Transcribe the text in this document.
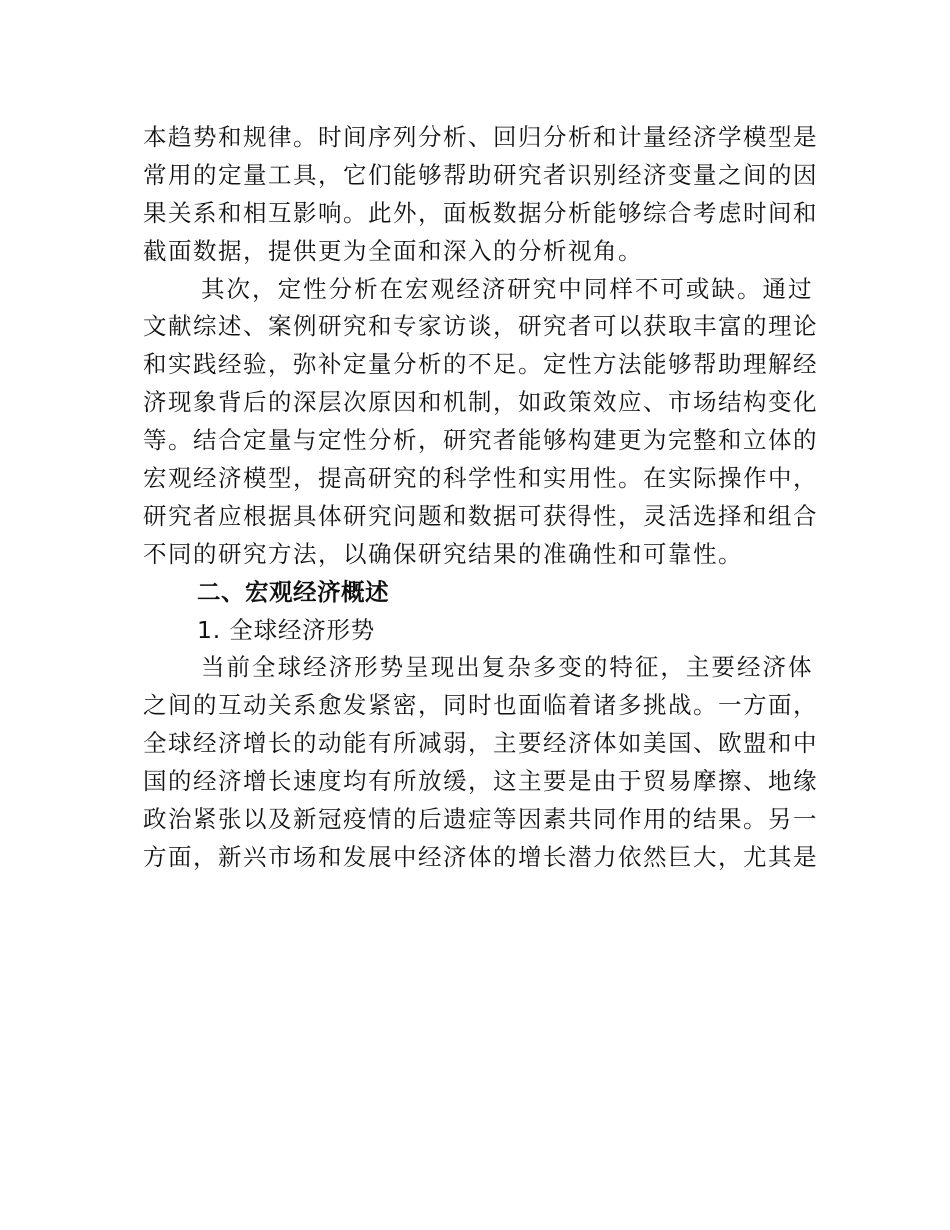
本趋势和规律。时间序列分析、回归分析和计量经济学模型是
常用的定量工具，它们能够帮助研究者识别经济变量之间的因
果关系和相互影响。此外，面板数据分析能够综合考虑时间和
截面数据，提供更为全面和深入的分析视角。
其次，定性分析在宏观经济研究中同样不可或缺。通过
文献综述、案例研究和专家访谈，研究者可以获取丰富的理论
和实践经验，弥补定量分析的不足。定性方法能够帮助理解经
济现象背后的深层次原因和机制，如政策效应、市场结构变化
等。结合定量与定性分析，研究者能够构建更为完整和立体的
宏观经济模型，提高研究的科学性和实用性。在实际操作中，
研究者应根据具体研究问题和数据可获得性，灵活选择和组合
不同的研究方法，以确保研究结果的准确性和可靠性。
二、宏观经济概述
1. 全球经济形势
当前全球经济形势呈现出复杂多变的特征，主要经济体
之间的互动关系愈发紧密，同时也面临着诸多挑战。一方面，
全球经济增长的动能有所减弱，主要经济体如美国、欧盟和中
国的经济增长速度均有所放缓，这主要是由于贸易摩擦、地缘
政治紧张以及新冠疫情的后遗症等因素共同作用的结果。另一
方面，新兴市场和发展中经济体的增长潜力依然巨大，尤其是
